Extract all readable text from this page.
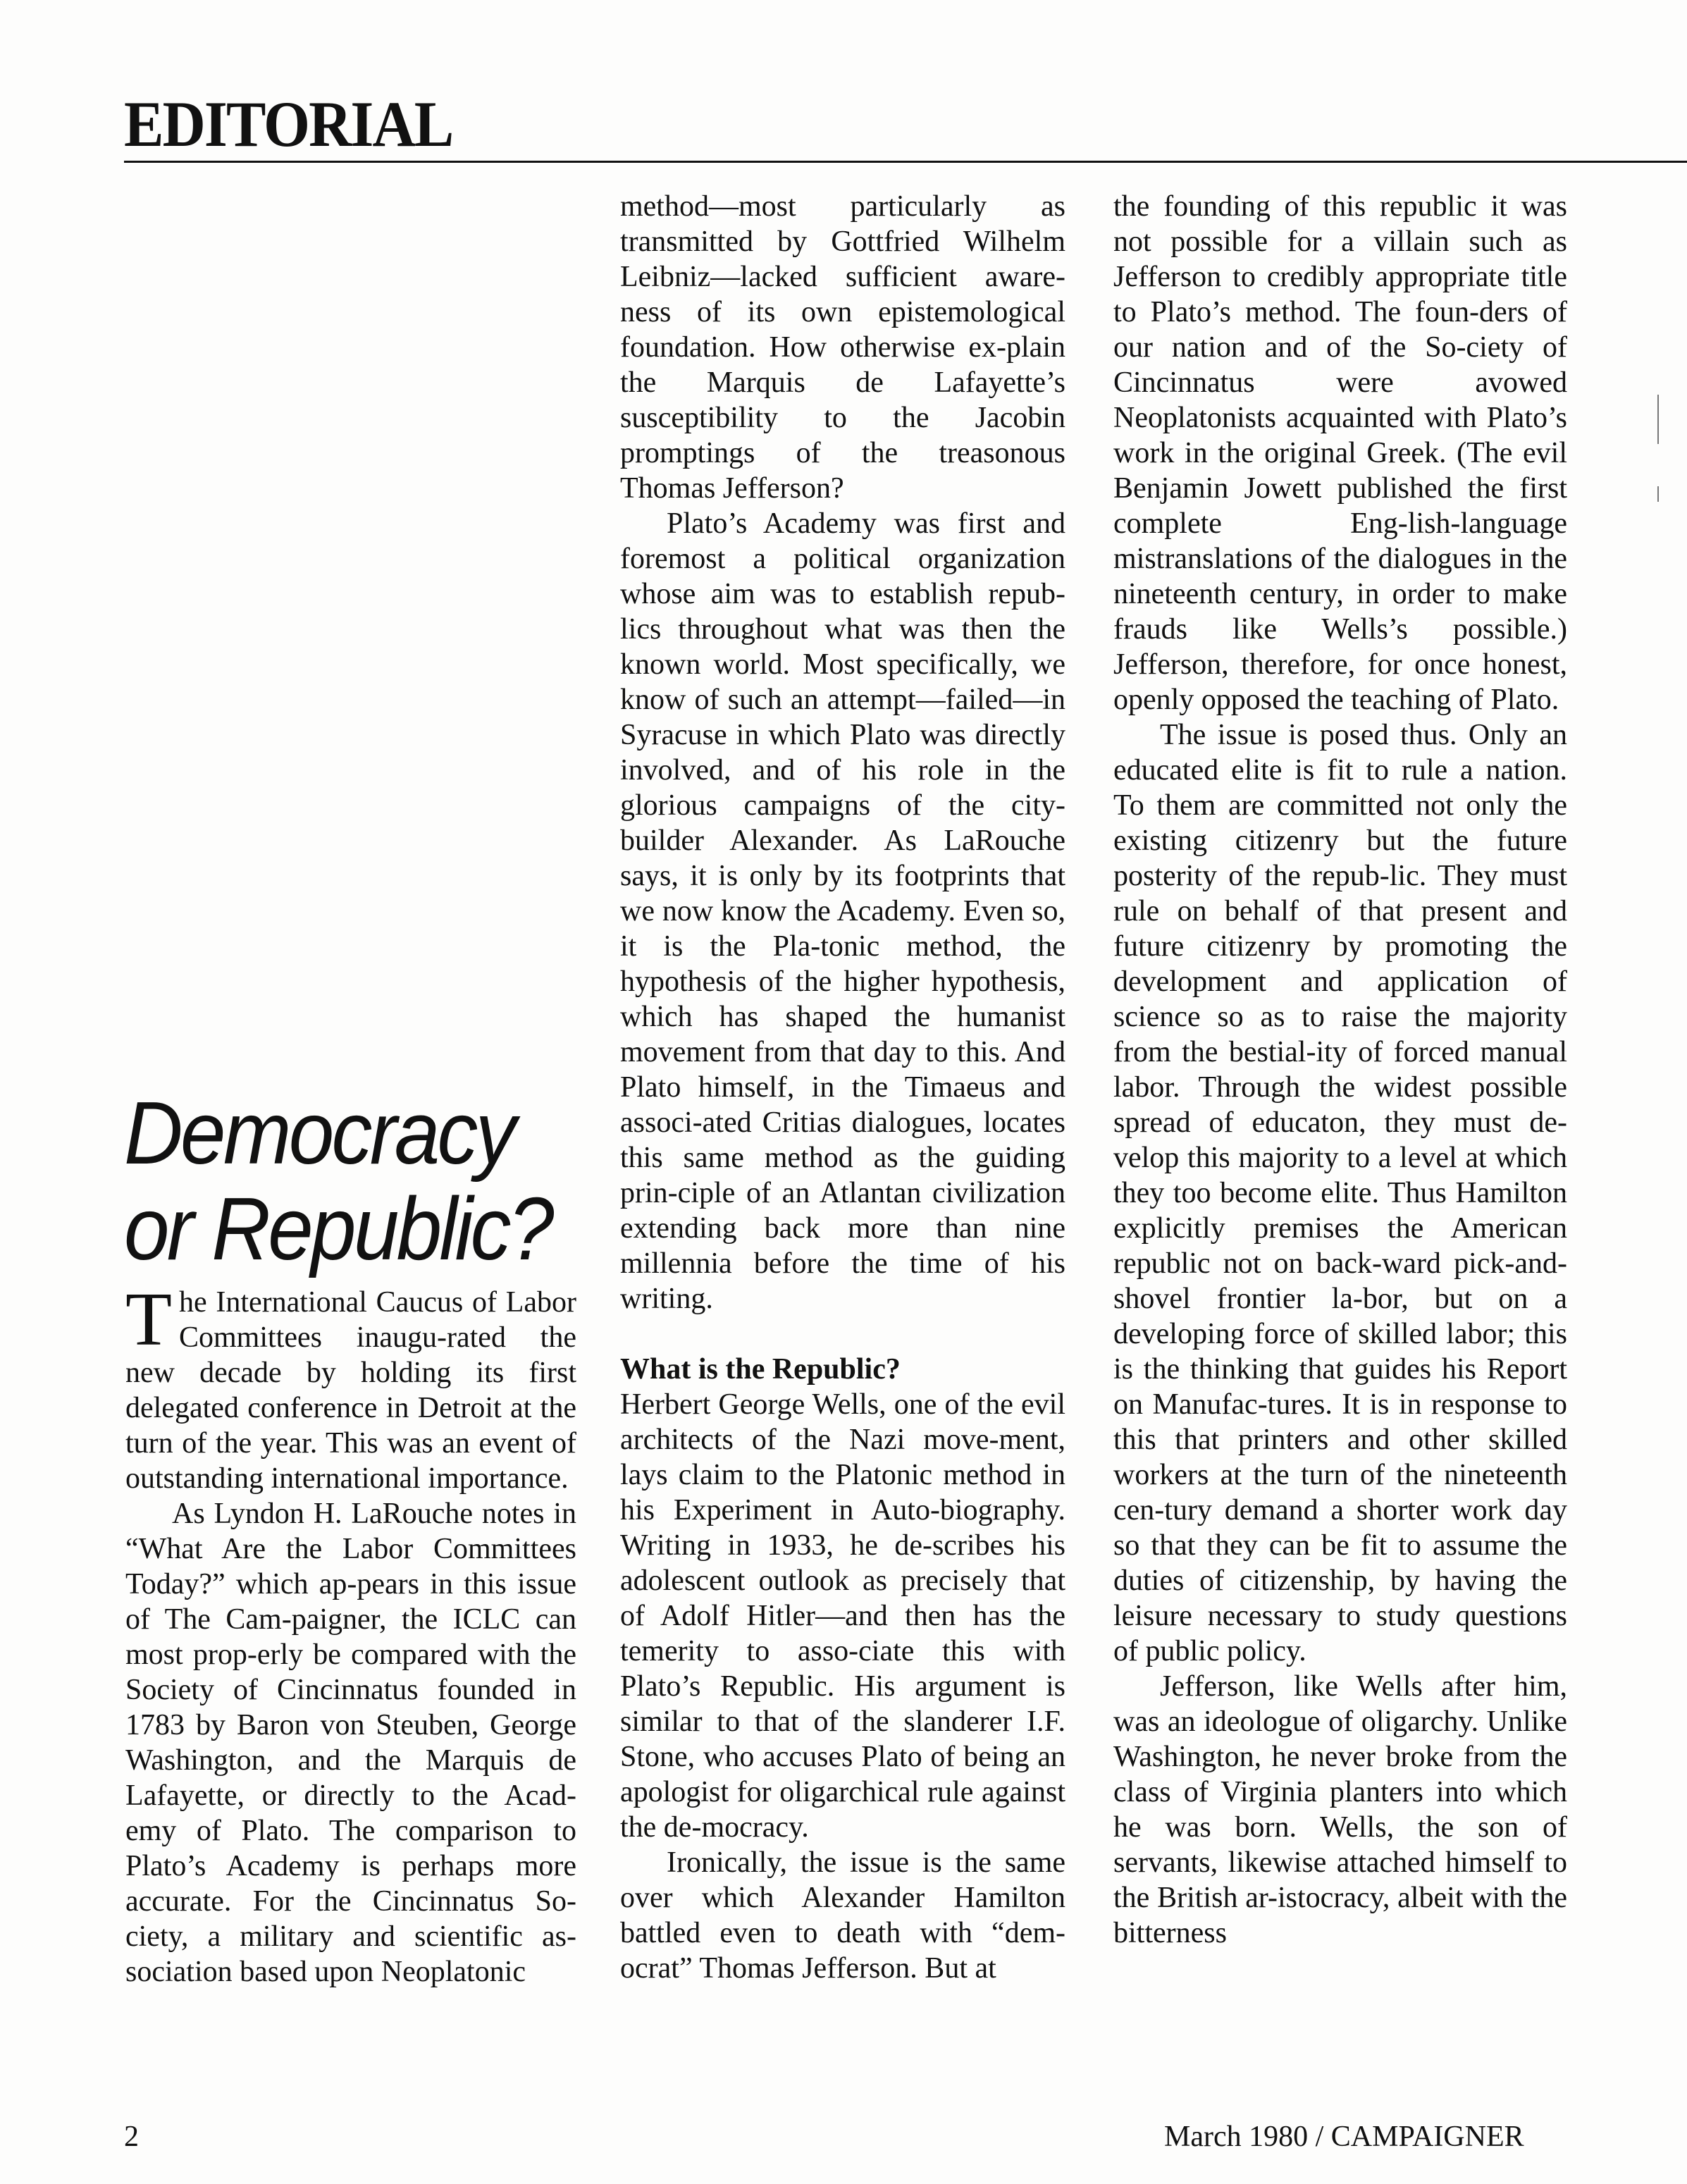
EDITORIAL
Democracy
or Republic?

The International Caucus of Labor Committees inaugu-rated the new decade by holding its first delegated conference in Detroit at the turn of the year. This was an event of outstanding international importance.

As Lyndon H. LaRouche notes in “What Are the Labor Committees Today?” which ap-pears in this issue of The Cam-paigner, the ICLC can most prop-erly be compared with the Society of Cincinnatus founded in 1783 by Baron von Steuben, George Washington, and the Marquis de Lafayette, or directly to the Acad-emy of Plato. The comparison to Plato’s Academy is perhaps more accurate. For the Cincinnatus So-ciety, a military and scientific as-sociation based upon Neoplatonic

method—most particularly as transmitted by Gottfried Wilhelm Leibniz—lacked sufficient aware-ness of its own epistemological foundation. How otherwise ex-plain the Marquis de Lafayette’s susceptibility to the Jacobin promptings of the treasonous Thomas Jefferson?

Plato’s Academy was first and foremost a political organization whose aim was to establish repub-lics throughout what was then the known world. Most specifically, we know of such an attempt—failed—in Syracuse in which Plato was directly involved, and of his role in the glorious campaigns of the city-builder Alexander. As LaRouche says, it is only by its footprints that we now know the Academy. Even so, it is the Pla-tonic method, the hypothesis of the higher hypothesis, which has shaped the humanist movement from that day to this. And Plato himself, in the Timaeus and associ-ated Critias dialogues, locates this same method as the guiding prin-ciple of an Atlantan civilization extending back more than nine millennia before the time of his writing.

What is the Republic?

Herbert George Wells, one of the evil architects of the Nazi move-ment, lays claim to the Platonic method in his Experiment in Auto-biography. Writing in 1933, he de-scribes his adolescent outlook as precisely that of Adolf Hitler—and then has the temerity to asso-ciate this with Plato’s Republic. His argument is similar to that of the slanderer I.F. Stone, who accuses Plato of being an apologist for oligarchical rule against the de-mocracy.

Ironically, the issue is the same over which Alexander Hamilton battled even to death with “dem-ocrat” Thomas Jefferson. But at

the founding of this republic it was not possible for a villain such as Jefferson to credibly appropriate title to Plato’s method. The foun-ders of our nation and of the So-ciety of Cincinnatus were avowed Neoplatonists acquainted with Plato’s work in the original Greek. (The evil Benjamin Jowett published the first complete Eng-lish-language mistranslations of the dialogues in the nineteenth century, in order to make frauds like Wells’s possible.) Jefferson, therefore, for once honest, openly opposed the teaching of Plato.

The issue is posed thus. Only an educated elite is fit to rule a nation. To them are committed not only the existing citizenry but the future posterity of the repub-lic. They must rule on behalf of that present and future citizenry by promoting the development and application of science so as to raise the majority from the bestial-ity of forced manual labor. Through the widest possible spread of educaton, they must de-velop this majority to a level at which they too become elite. Thus Hamilton explicitly premises the American republic not on back-ward pick-and-shovel frontier la-bor, but on a developing force of skilled labor; this is the thinking that guides his Report on Manufac-tures. It is in response to this that printers and other skilled workers at the turn of the nineteenth cen-tury demand a shorter work day so that they can be fit to assume the duties of citizenship, by having the leisure necessary to study questions of public policy.

Jefferson, like Wells after him, was an ideologue of oligarchy. Unlike Washington, he never broke from the class of Virginia planters into which he was born. Wells, the son of servants, likewise attached himself to the British ar-istocracy, albeit with the bitterness

2	March 1980 / CAMPAIGNER
